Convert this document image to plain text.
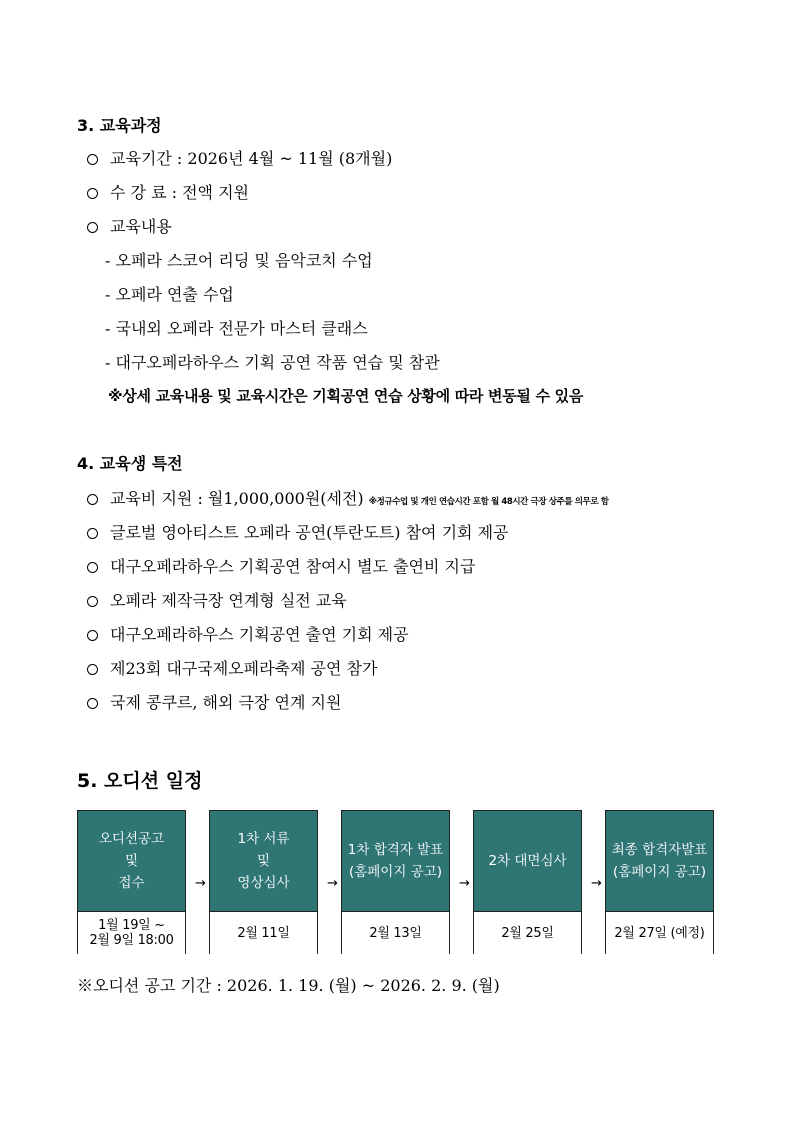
3. 교육과정
교육기간 : 2026년 4월 ~ 11월 (8개월)
수 강 료 : 전액 지원
교육내용
- 오페라 스코어 리딩 및 음악코치 수업
- 오페라 연출 수업
- 국내외 오페라 전문가 마스터 클래스
- 대구오페라하우스 기획 공연 작품 연습 및 참관
※상세 교육내용 및 교육시간은 기획공연 연습 상황에 따라 변동될 수 있음
4. 교육생 특전
교육비 지원 : 월1,000,000원(세전) ※정규수업 및 개인 연습시간 포함 월 48시간 극장 상주를 의무로 함
글로벌 영아티스트 오페라 공연(투란도트) 참여 기회 제공
대구오페라하우스 기획공연 참여시 별도 출연비 지급
오페라 제작극장 연계형 실전 교육
대구오페라하우스 기획공연 출연 기회 제공
제23회 대구국제오페라축제 공연 참가
국제 콩쿠르, 해외 극장 연계 지원
5. 오디션 일정
오디션공고
및
접수
1월 19일 ~
2월 9일 18:00
→
1차 서류
및
영상심사
2월 11일
→
1차 합격자 발표
(홈페이지 공고)
2월 13일
→
2차 대면심사
2월 25일
→
최종 합격자발표
(홈페이지 공고)
2월 27일 (예정)
※오디션 공고 기간 : 2026. 1. 19. (월) ~ 2026. 2. 9. (월)
